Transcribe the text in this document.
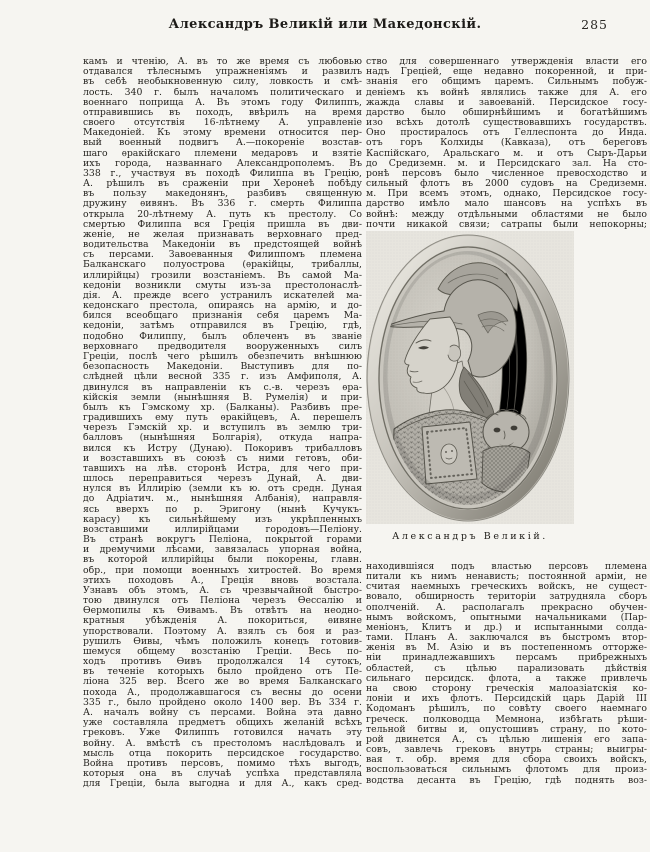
Александръ Великій или Македонскій.	285
камъ и чтенію, А. въ то же время съ любовью
отдавался тѣлеснымъ упражненіямъ и развилъ
въ себѣ необыкновенную силу, ловкость и смѣ-
лость. 340 г. былъ началомъ политическаго и
военнаго поприща А. Въ этомъ году Филиппъ,
отправившись въ походъ, ввѣрилъ на время
своего отсутствія 16-лѣтнему А. управленіе
Македоніей. Къ этому времени относится пер-
вый военный подвигъ А.—покореніе возстав-
шаго ѳракійскаго племени медаровъ и взятіе
ихъ города, названнаго Александрополемъ. Въ
338 г., участвуя въ походѣ Филиппа въ Грецію,
А. рѣшилъ въ сраженіи при Херонеѣ побѣду
въ пользу македонянъ, разбивъ священную
дружину ѳивянъ. Въ 336 г. смерть Филиппа
открыла 20-лѣтнему А. путь къ престолу. Со
смертью Филиппа вся Греція пришла въ дви-
женіе, не желая признавать верховнаго пред-
водительства Македоніи въ предстоящей войнѣ
съ персами. Завоеванныя Филиппомъ племена
Балканскаго полуострова (ѳракійцы, трибаллы,
иллирійцы) грозили возстаніемъ. Въ самой Ма-
кедоніи возникли смуты изъ-за престолонаслѣ-
дія. А. прежде всего устранилъ искателей ма-
кедонскаго престола, опираясь на армію, и до-
бился всеобщаго признанія себя царемъ Ма-
кедоніи, затѣмъ отправился въ Грецію, гдѣ,
подобно Филиппу, былъ облеченъ въ званіе
верховнаго предводителя вооруженныхъ силъ
Греціи, послѣ чего рѣшилъ обезпечить внѣшнюю
безопасность Македоніи. Выступивъ для по-
слѣдней цѣли весной 335 г. изъ Амфиполя, А.
двинулся въ направленіи къ с.-в. черезъ ѳра-
кійскія земли (нынѣшняя В. Румелія) и при-
былъ къ Гэмскому хр. (Балканы). Разбивъ пре-
градившихъ ему путь ѳракійцевъ, А. перешелъ
черезъ Гэмскій хр. и вступилъ въ землю три-
балловъ (нынѣшняя Болгарія), откуда напра-
вился къ Истру (Дунаю). Покоривъ трибалловъ
и возставшихъ въ союзѣ съ ними гетовъ, оби-
тавшихъ на лѣв. сторонѣ Истра, для чего при-
шлось переправиться черезъ Дунай, А. дви-
нулся въ Иллирію (земли къ ю. отъ средн. Дуная
до Адріатич. м., нынѣшняя Албанія), направля-
ясь вверхъ по р. Эригону (нынѣ Кучукъ-
карасу) къ сильнѣйшему изъ укрѣпленныхъ
возставшими иллирійцами городовъ—Пеліону.
Въ странѣ вокругъ Пеліона, покрытой горами
и дремучими лѣсами, завязалась упорная война,
въ которой иллирійцы были покорены, главн.
обр., при помощи военныхъ хитростей. Во время
этихъ походовъ А., Греція вновь возстала.
Узнавъ объ этомъ, А. съ чрезвычайной быстро-
тою двинулся отъ Пеліона черезъ Ѳессалію и
Ѳермопилы къ Ѳивамъ. Въ отвѣтъ на неодно-
кратныя убѣжденія А. покориться, ѳивяне
упорствовали. Поэтому А. взялъ съ боя и раз-
рушилъ Ѳивы, чѣмъ положилъ конецъ готовив-
шемуся общему возстанію Греціи. Весь по-
ходъ противъ Ѳивъ продолжался 14 сутокъ,
въ теченіе которыхъ было пройдено отъ Пе-
ліона 325 вер. Всего же во время Балканскаго
похода А., продолжавшагося съ весны до осени
335 г., было пройдено около 1400 вер. Въ 334 г.
А. началъ войну съ персами. Война эта давно
уже составляла предметъ общихъ желаній всѣхъ
грековъ. Уже Филиппъ готовился начать эту
войну. А. вмѣстѣ съ престоломъ наслѣдовалъ и
мысль отца покорить персидское государство.
Война противъ персовъ, помимо тѣхъ выгодъ,
которыя она въ случаѣ успѣха представляла
для Греціи, была выгодна и для А., какъ сред-
ство для совершеннаго утвержденія власти его
надъ Греціей, еще недавно покоренной, и при-
знанія его общимъ царемъ. Сильнымъ побуж-
деніемъ къ войнѣ являлись также для А. его
жажда славы и завоеваній. Персидское госу-
дарство было обширнѣйшимъ и богатѣйшимъ
изо всѣхъ дотолѣ существовавшихъ государствъ.
Оно простиралось отъ Геллеспонта до Инда.
отъ горъ Колхиды (Кавказа), отъ береговъ
Каспійскаго, Аральскаго м. и отъ Сыръ-Дарьи
до Средиземн. м. и Персидскаго зал. На сто-
ронѣ персовъ было численное превосходство и
сильный флотъ въ 2000 судовъ на Средиземн.
м. При всемъ этомъ, однако, Персидское госу-
дарство имѣло мало шансовъ на успѣхъ въ
войнѣ: между отдѣльными областями не было
почти никакой связи; сатрапы были непокорны;
Александръ Великій.
находившіяся подъ властью персовъ племена
питали къ нимъ ненависть; постоянной арміи, не
считая наемныхъ греческихъ войскъ, не сущест-
вовало, обширность територіи затрудняла сборъ
ополченій. А. располагалъ прекрасно обучен-
нымъ войскомъ, опытными начальниками (Пар-
меніонъ, Клитъ и др.) и испытанными солда-
тами. Планъ А. заключался въ быстромъ втор-
женія въ М. Азію и въ постепенномъ отторже-
ніи принадлежавшихъ персамъ прибрежныхъ
областей, съ цѣлью парализовать дѣйствія
сильнаго персидск. флота, а также привлечь
на свою сторону греческія малоазіатскія ко-
лоніи и ихъ флотъ. Персидскій царь Дарій III
Кодоманъ рѣшилъ, по совѣту своего наемнаго
греческ. полководца Мемнона, избѣгать рѣши-
тельной битвы и, опустошивъ страну, по кото-
рой двинется А., съ цѣлью лишенія его запа-
совъ, завлечь грековъ внутрь страны; выигры-
вая т. обр. время для сбора своихъ войскъ,
воспользоваться сильнымъ флотомъ для произ-
водства десанта въ Грецію, гдѣ поднять воз-
